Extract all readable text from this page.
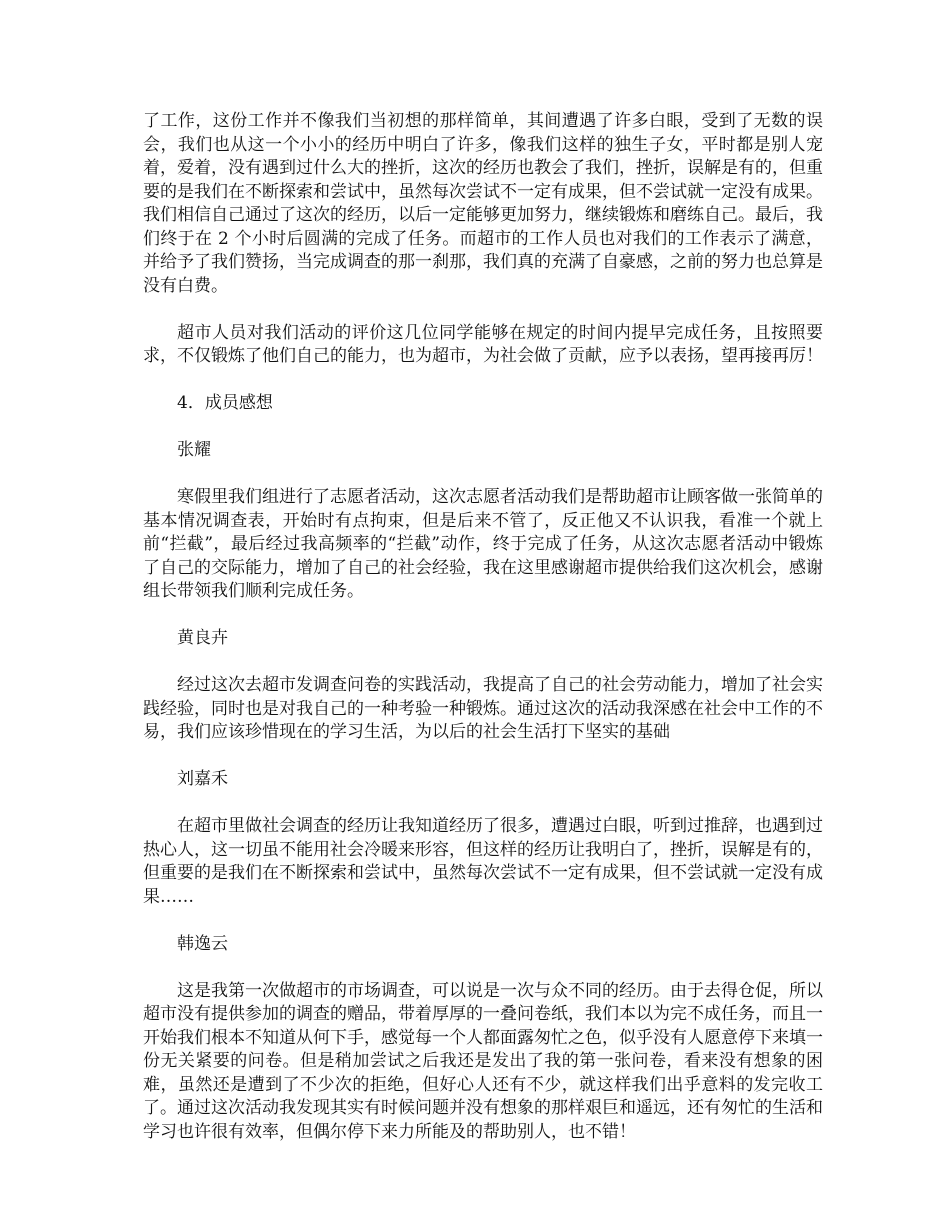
了工作，这份工作并不像我们当初想的那样简单，其间遭遇了许多白眼，受到了无数的误会，我们也从这一个小小的经历中明白了许多，像我们这样的独生子女，平时都是别人宠着，爱着，没有遇到过什么大的挫折，这次的经历也教会了我们，挫折，误解是有的，但重要的是我们在不断探索和尝试中，虽然每次尝试不一定有成果，但不尝试就一定没有成果。我们相信自己通过了这次的经历，以后一定能够更加努力，继续锻炼和磨练自己。最后，我们终于在 2 个小时后圆满的完成了任务。而超市的工作人员也对我们的工作表示了满意，并给予了我们赞扬，当完成调查的那一刹那，我们真的充满了自豪感，之前的努力也总算是没有白费。

超市人员对我们活动的评价这几位同学能够在规定的时间内提早完成任务，且按照要求，不仅锻炼了他们自己的能力，也为超市，为社会做了贡献，应予以表扬，望再接再厉！

4．成员感想

张耀

寒假里我们组进行了志愿者活动，这次志愿者活动我们是帮助超市让顾客做一张简单的基本情况调查表，开始时有点拘束，但是后来不管了，反正他又不认识我，看准一个就上前“拦截”，最后经过我高频率的“拦截”动作，终于完成了任务，从这次志愿者活动中锻炼了自己的交际能力，增加了自己的社会经验，我在这里感谢超市提供给我们这次机会，感谢组长带领我们顺利完成任务。

黄良卉

经过这次去超市发调查问卷的实践活动，我提高了自己的社会劳动能力，增加了社会实践经验，同时也是对我自己的一种考验一种锻炼。通过这次的活动我深感在社会中工作的不易，我们应该珍惜现在的学习生活，为以后的社会生活打下坚实的基础

刘嘉禾

在超市里做社会调查的经历让我知道经历了很多，遭遇过白眼，听到过推辞，也遇到过热心人，这一切虽不能用社会冷暖来形容，但这样的经历让我明白了，挫折，误解是有的，但重要的是我们在不断探索和尝试中，虽然每次尝试不一定有成果，但不尝试就一定没有成果……

韩逸云

这是我第一次做超市的市场调查，可以说是一次与众不同的经历。由于去得仓促，所以超市没有提供参加的调查的赠品，带着厚厚的一叠问卷纸，我们本以为完不成任务，而且一开始我们根本不知道从何下手，感觉每一个人都面露匆忙之色，似乎没有人愿意停下来填一份无关紧要的问卷。但是稍加尝试之后我还是发出了我的第一张问卷，看来没有想象的困难，虽然还是遭到了不少次的拒绝，但好心人还有不少，就这样我们出乎意料的发完收工了。通过这次活动我发现其实有时候问题并没有想象的那样艰巨和遥远，还有匆忙的生活和学习也许很有效率，但偶尔停下来力所能及的帮助别人，也不错！
